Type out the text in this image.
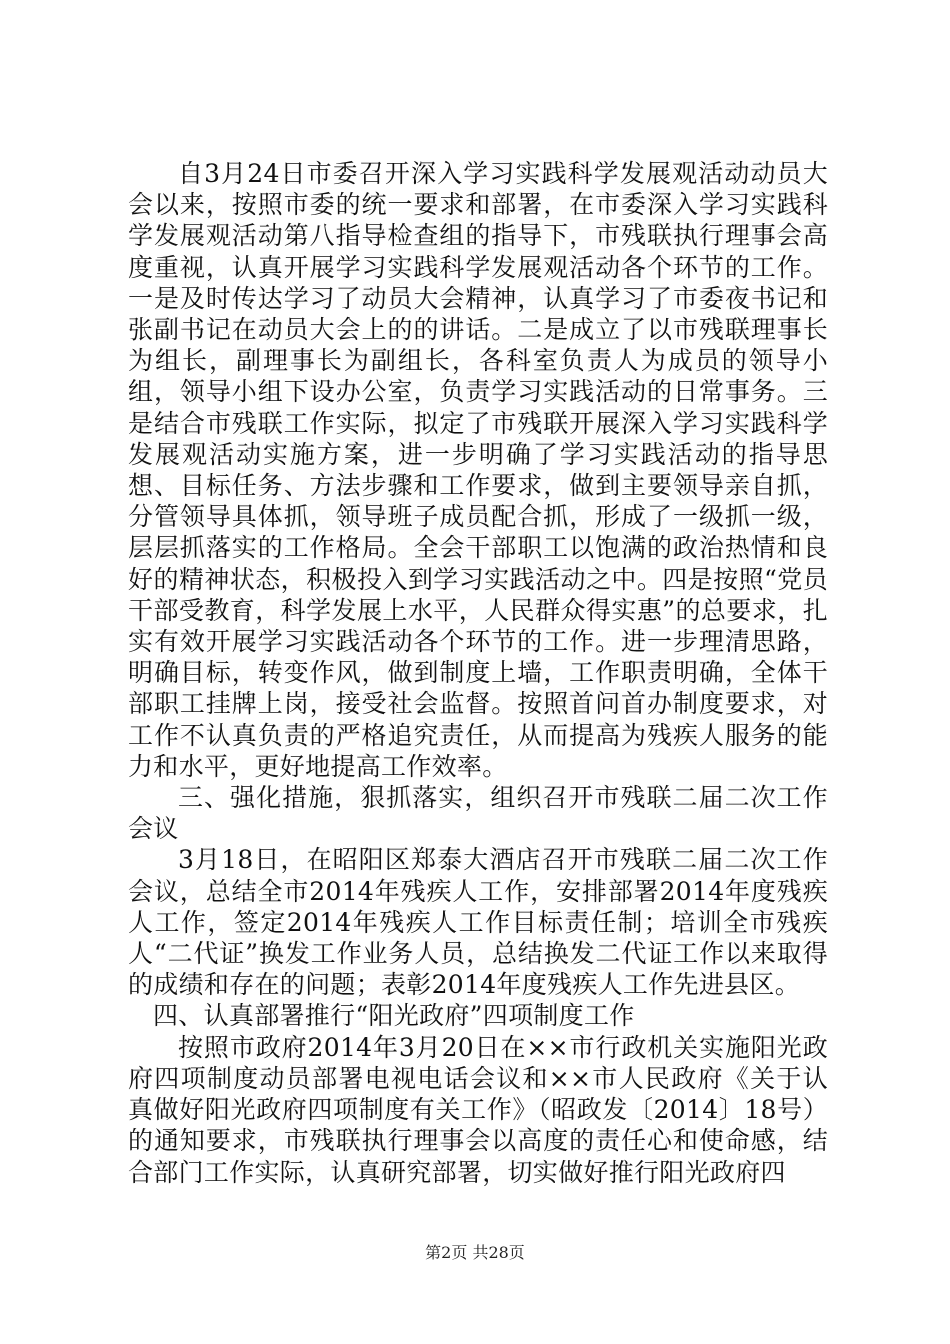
自3月24日市委召开深入学习实践科学发展观活动动员大会以来，按照市委的统一要求和部署，在市委深入学习实践科学发展观活动第八指导检查组的指导下，市残联执行理事会高度重视，认真开展学习实践科学发展观活动各个环节的工作。一是及时传达学习了动员大会精神，认真学习了市委夜书记和张副书记在动员大会上的的讲话。二是成立了以市残联理事长为组长，副理事长为副组长，各科室负责人为成员的领导小组，领导小组下设办公室，负责学习实践活动的日常事务。三是结合市残联工作实际，拟定了市残联开展深入学习实践科学发展观活动实施方案，进一步明确了学习实践活动的指导思想、目标任务、方法步骤和工作要求，做到主要领导亲自抓，分管领导具体抓，领导班子成员配合抓，形成了一级抓一级，层层抓落实的工作格局。全会干部职工以饱满的政治热情和良好的精神状态，积极投入到学习实践活动之中。四是按照“党员干部受教育，科学发展上水平，人民群众得实惠”的总要求，扎实有效开展学习实践活动各个环节的工作。进一步理清思路，明确目标，转变作风，做到制度上墙，工作职责明确，全体干部职工挂牌上岗，接受社会监督。按照首问首办制度要求，对工作不认真负责的严格追究责任，从而提高为残疾人服务的能力和水平，更好地提高工作效率。

三、强化措施，狠抓落实，组织召开市残联二届二次工作会议

3月18日，在昭阳区郑泰大酒店召开市残联二届二次工作会议，总结全市2014年残疾人工作，安排部署2014年度残疾人工作，签定2014年残疾人工作目标责任制；培训全市残疾人“二代证”换发工作业务人员，总结换发二代证工作以来取得的成绩和存在的问题；表彰2014年度残疾人工作先进县区。

四、认真部署推行“阳光政府”四项制度工作

按照市政府2014年3月20日在××市行政机关实施阳光政府四项制度动员部署电视电话会议和××市人民政府《关于认真做好阳光政府四项制度有关工作》（昭政发〔2014〕18号）的通知要求，市残联执行理事会以高度的责任心和使命感，结合部门工作实际，认真研究部署，切实做好推行阳光政府四

第2页 共28页
